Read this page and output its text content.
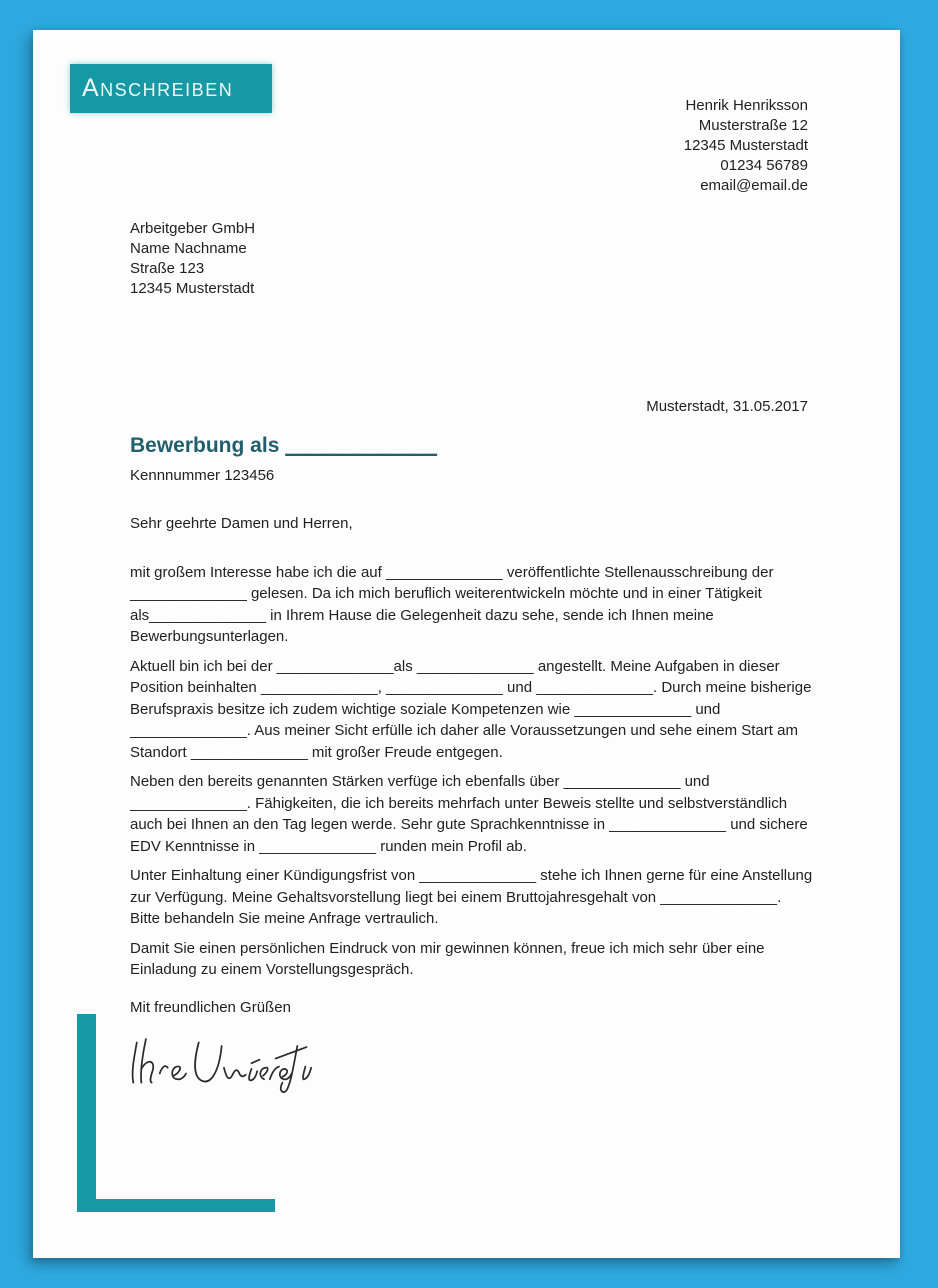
Anschreiben
Henrik Henriksson
Musterstraße 12
12345 Musterstadt
01234 56789
email@email.de
Arbeitgeber GmbH
Name Nachname
Straße 123
12345 Musterstadt
Musterstadt, 31.05.2017
Bewerbung als _____________
Kennnummer 123456
Sehr geehrte Damen und Herren,

mit großem Interesse habe ich die auf ______________ veröffentlichte Stellenausschreibung der ______________ gelesen. Da ich mich beruflich weiterentwickeln möchte und in einer Tätigkeit als______________ in Ihrem Hause die Gelegenheit dazu sehe, sende ich Ihnen meine Bewerbungsunterlagen.

Aktuell bin ich bei der ______________als ______________ angestellt. Meine Aufgaben in dieser Position beinhalten ______________, ______________ und ______________. Durch meine bisherige Berufspraxis besitze ich zudem wichtige soziale Kompetenzen wie ______________ und ______________. Aus meiner Sicht erfülle ich daher alle Voraussetzungen und sehe einem Start am Standort ______________ mit großer Freude entgegen.

Neben den bereits genannten Stärken verfüge ich ebenfalls über ______________ und ______________. Fähigkeiten, die ich bereits mehrfach unter Beweis stellte und selbstverständlich auch bei Ihnen an den Tag legen werde. Sehr gute Sprachkenntnisse in ______________ und sichere EDV Kenntnisse in ______________ runden mein Profil ab.

Unter Einhaltung einer Kündigungsfrist von ______________ stehe ich Ihnen gerne für eine Anstellung zur Verfügung. Meine Gehaltsvorstellung liegt bei einem Bruttojahresgehalt von ______________. Bitte behandeln Sie meine Anfrage vertraulich.

Damit Sie einen persönlichen Eindruck von mir gewinnen können, freue ich mich sehr über eine Einladung zu einem Vorstellungsgespräch.

Mit freundlichen Grüßen
